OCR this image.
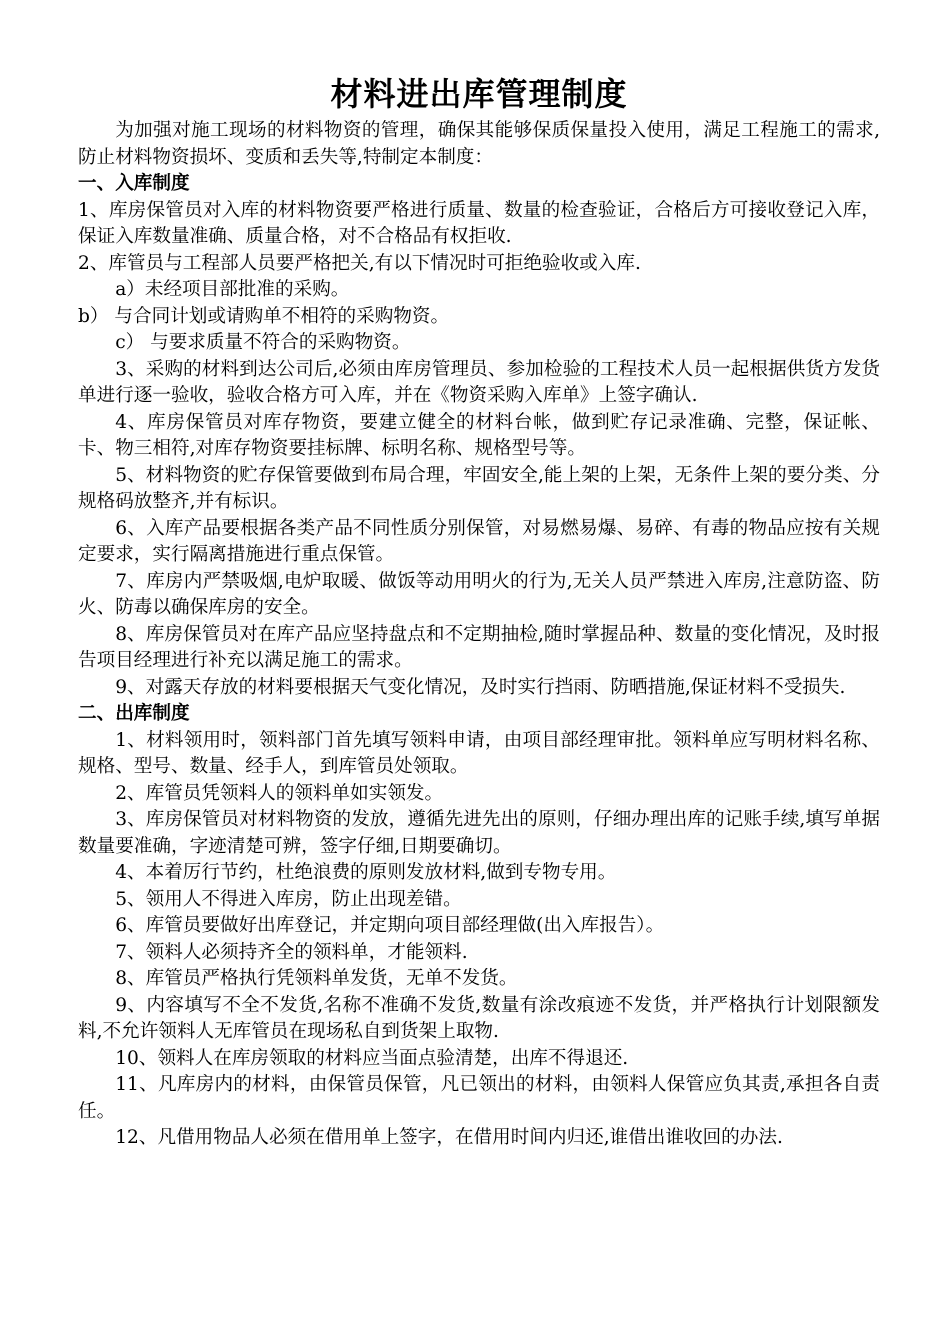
材料进出库管理制度

为加强对施工现场的材料物资的管理，确保其能够保质保量投入使用，满足工程施工的需求,防止材料物资损坏、变质和丢失等,特制定本制度：

一、入库制度

1、库房保管员对入库的材料物资要严格进行质量、数量的检查验证，合格后方可接收登记入库，保证入库数量准确、质量合格，对不合格品有权拒收.

2、库管员与工程部人员要严格把关,有以下情况时可拒绝验收或入库.

a）未经项目部批准的采购。

b） 与合同计划或请购单不相符的采购物资。

c） 与要求质量不符合的采购物资。

3、采购的材料到达公司后,必须由库房管理员、参加检验的工程技术人员一起根据供货方发货单进行逐一验收，验收合格方可入库，并在《物资采购入库单》上签字确认.

4、库房保管员对库存物资，要建立健全的材料台帐，做到贮存记录准确、完整，保证帐、卡、物三相符,对库存物资要挂标牌、标明名称、规格型号等。

5、材料物资的贮存保管要做到布局合理，牢固安全,能上架的上架，无条件上架的要分类、分规格码放整齐,并有标识。

6、入库产品要根据各类产品不同性质分别保管，对易燃易爆、易碎、有毒的物品应按有关规定要求，实行隔离措施进行重点保管。

7、库房内严禁吸烟,电炉取暖、做饭等动用明火的行为,无关人员严禁进入库房,注意防盗、防火、防毒以确保库房的安全。

8、库房保管员对在库产品应坚持盘点和不定期抽检,随时掌握品种、数量的变化情况，及时报告项目经理进行补充以满足施工的需求。

9、对露天存放的材料要根据天气变化情况，及时实行挡雨、防晒措施,保证材料不受损失.

二、出库制度

1、材料领用时，领料部门首先填写领料申请，由项目部经理审批。领料单应写明材料名称、规格、型号、数量、经手人，到库管员处领取。

2、库管员凭领料人的领料单如实领发。

3、库房保管员对材料物资的发放，遵循先进先出的原则，仔细办理出库的记账手续,填写单据数量要准确，字迹清楚可辨，签字仔细,日期要确切。

4、本着厉行节约，杜绝浪费的原则发放材料,做到专物专用。

5、领用人不得进入库房，防止出现差错。

6、库管员要做好出库登记，并定期向项目部经理做(出入库报告）。

7、领料人必须持齐全的领料单，才能领料.

8、库管员严格执行凭领料单发货，无单不发货。

9、内容填写不全不发货,名称不准确不发货,数量有涂改痕迹不发货，并严格执行计划限额发料,不允许领料人无库管员在现场私自到货架上取物.

10、领料人在库房领取的材料应当面点验清楚，出库不得退还.

11、凡库房内的材料，由保管员保管，凡已领出的材料，由领料人保管应负其责,承担各自责任。

12、凡借用物品人必须在借用单上签字，在借用时间内归还,谁借出谁收回的办法.
